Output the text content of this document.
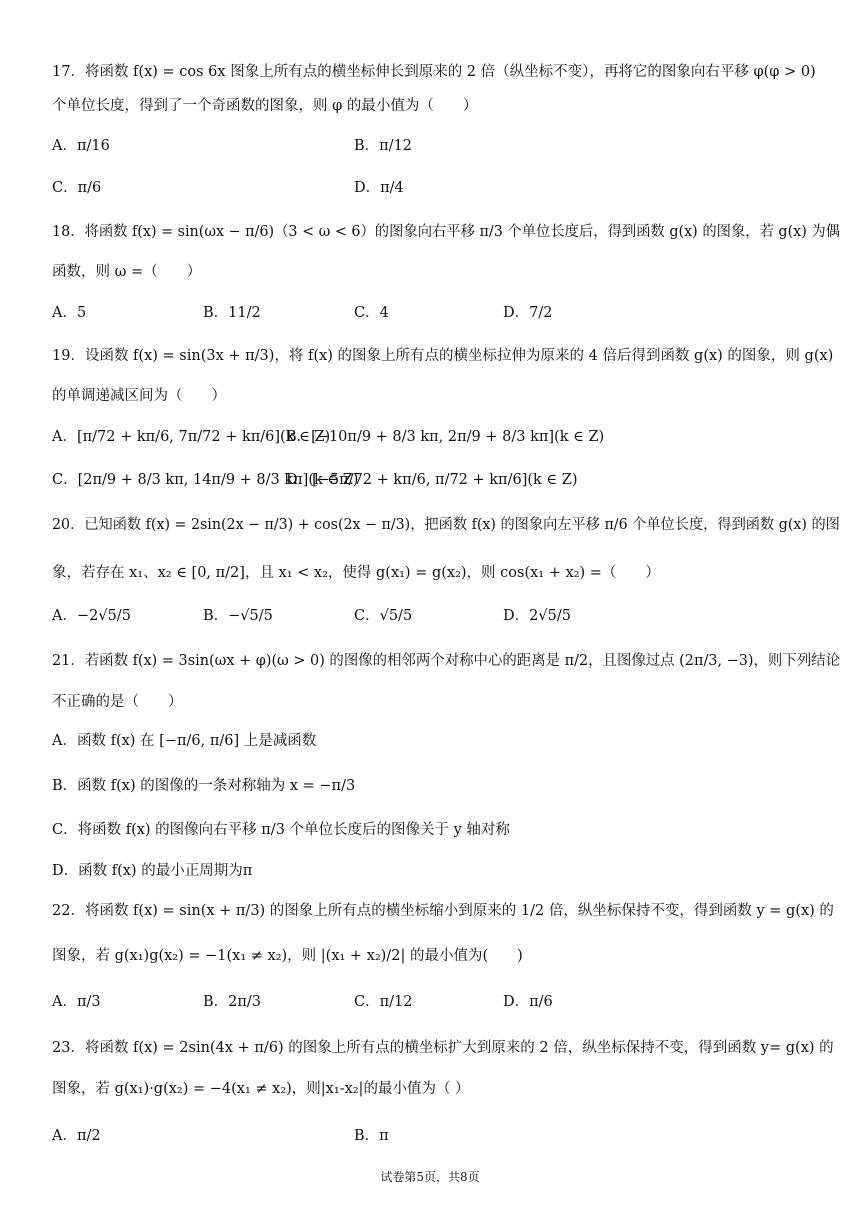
17．将函数 f(x) = cos 6x 图象上所有点的横坐标伸长到原来的 2 倍（纵坐标不变），再将它的图象向右平移 φ(φ > 0)
个单位长度，得到了一个奇函数的图象，则 φ 的最小值为（　　）
A．π/16	B．π/12
C．π/6	D．π/4
18．将函数 f(x) = sin(ωx − π/6)（3 < ω < 6）的图象向右平移 π/3 个单位长度后，得到函数 g(x) 的图象，若 g(x) 为偶
函数，则 ω =（　　）
A．5	B．11/2	C．4	D．7/2
19．设函数 f(x) = sin(3x + π/3)，将 f(x) 的图象上所有点的横坐标拉伸为原来的 4 倍后得到函数 g(x) 的图象，则 g(x)
的单调递减区间为（　　）
A．[π/72 + kπ/6, 7π/72 + kπ/6](k ∈ Z)
B．[−10π/9 + 8/3 kπ, 2π/9 + 8/3 kπ](k ∈ Z)
C．[2π/9 + 8/3 kπ, 14π/9 + 8/3 kπ](k ∈ Z)
D．[−5π/72 + kπ/6, π/72 + kπ/6](k ∈ Z)
20．已知函数 f(x) = 2sin(2x − π/3) + cos(2x − π/3)，把函数 f(x) 的图象向左平移 π/6 个单位长度，得到函数 g(x) 的图
象，若存在 x₁、x₂ ∈ [0, π/2]，且 x₁ < x₂，使得 g(x₁) = g(x₂)，则 cos(x₁ + x₂) =（　　）
A．−2√5/5	B．−√5/5	C．√5/5	D．2√5/5
21．若函数 f(x) = 3sin(ωx + φ)(ω > 0) 的图像的相邻两个对称中心的距离是 π/2，且图像过点 (2π/3, −3)，则下列结论
不正确的是（　　）
A．函数 f(x) 在 [−π/6, π/6] 上是减函数
B．函数 f(x) 的图像的一条对称轴为 x = −π/3
C．将函数 f(x) 的图像向右平移 π/3 个单位长度后的图像关于 y 轴对称
D．函数 f(x) 的最小正周期为π
22．将函数 f(x) = sin(x + π/3) 的图象上所有点的横坐标缩小到原来的 1/2 倍，纵坐标保持不变，得到函数 y = g(x) 的
图象，若 g(x₁)g(x₂) = −1(x₁ ≠ x₂)，则 |(x₁ + x₂)/2| 的最小值为(　　)
A．π/3	B．2π/3	C．π/12	D．π/6
23．将函数 f(x) = 2sin(4x + π/6) 的图象上所有点的横坐标扩大到原来的 2 倍，纵坐标保持不变，得到函数 y= g(x) 的
图象，若 g(x₁)·g(x₂) = −4(x₁ ≠ x₂)，则|x₁-x₂|的最小值为（ ）
A．π/2	B．π
试卷第5页，共8页
